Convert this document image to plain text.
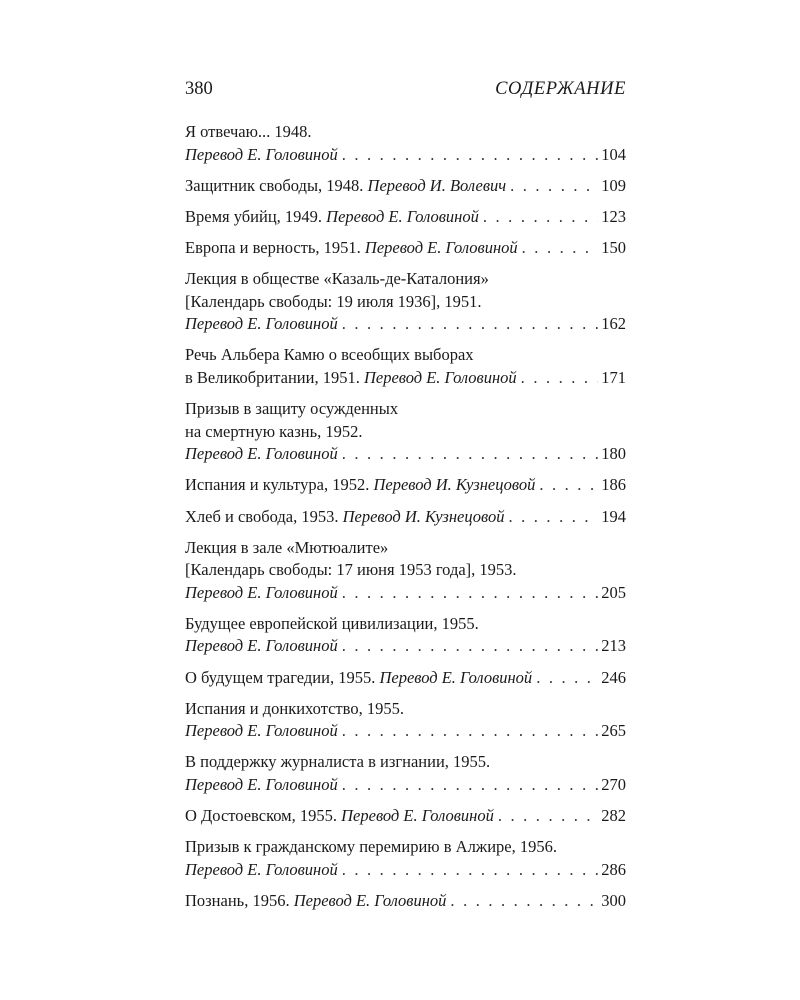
380	СОДЕРЖАНИЕ
Я отвечаю... 1948.
Перевод Е. Головиной . . .	104
Защитник свободы, 1948. Перевод И. Волевич . . .	109
Время убийц, 1949. Перевод Е. Головиной . . .	123
Европа и верность, 1951. Перевод Е. Головиной . . .	150
Лекция в обществе «Казаль-де-Каталония»
[Календарь свободы: 19 июля 1936], 1951.
Перевод Е. Головиной . . .	162
Речь Альбера Камю о всеобщих выборах
в Великобритании, 1951. Перевод Е. Головиной . . .	171
Призыв в защиту осужденных
на смертную казнь, 1952.
Перевод Е. Головиной . . .	180
Испания и культура, 1952. Перевод И. Кузнецовой . . .	186
Хлеб и свобода, 1953. Перевод И. Кузнецовой . . .	194
Лекция в зале «Мютюалите»
[Календарь свободы: 17 июня 1953 года], 1953.
Перевод Е. Головиной . . .	205
Будущее европейской цивилизации, 1955.
Перевод Е. Головиной . . .	213
О будущем трагедии, 1955. Перевод Е. Головиной . . .	246
Испания и донкихотство, 1955.
Перевод Е. Головиной . . .	265
В поддержку журналиста в изгнании, 1955.
Перевод Е. Головиной . . .	270
О Достоевском, 1955. Перевод Е. Головиной . . .	282
Призыв к гражданскому перемирию в Алжире, 1956.
Перевод Е. Головиной . . .	286
Познань, 1956. Перевод Е. Головиной . . .	300
